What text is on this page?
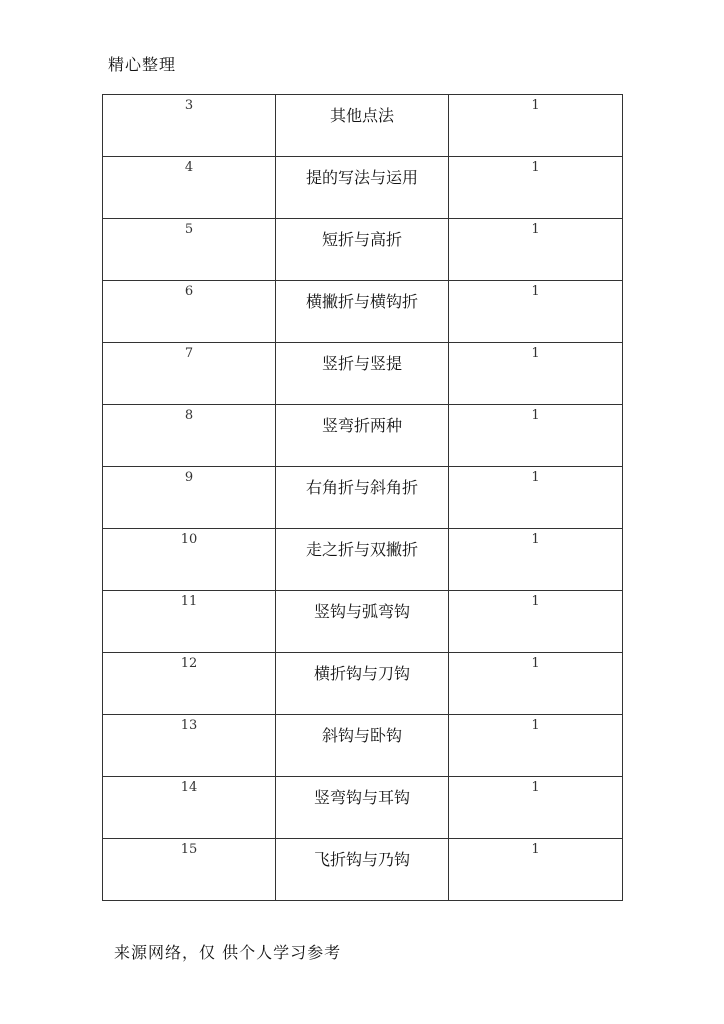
精心整理
3	其他点法	1
4	提的写法与运用	1
5	短折与高折	1
6	横撇折与横钩折	1
7	竖折与竖提	1
8	竖弯折两种	1
9	右角折与斜角折	1
10	走之折与双撇折	1
11	竖钩与弧弯钩	1
12	横折钩与刀钩	1
13	斜钩与卧钩	1
14	竖弯钩与耳钩	1
15	飞折钩与乃钩	1
来源网络，仅 供个人学习参考
